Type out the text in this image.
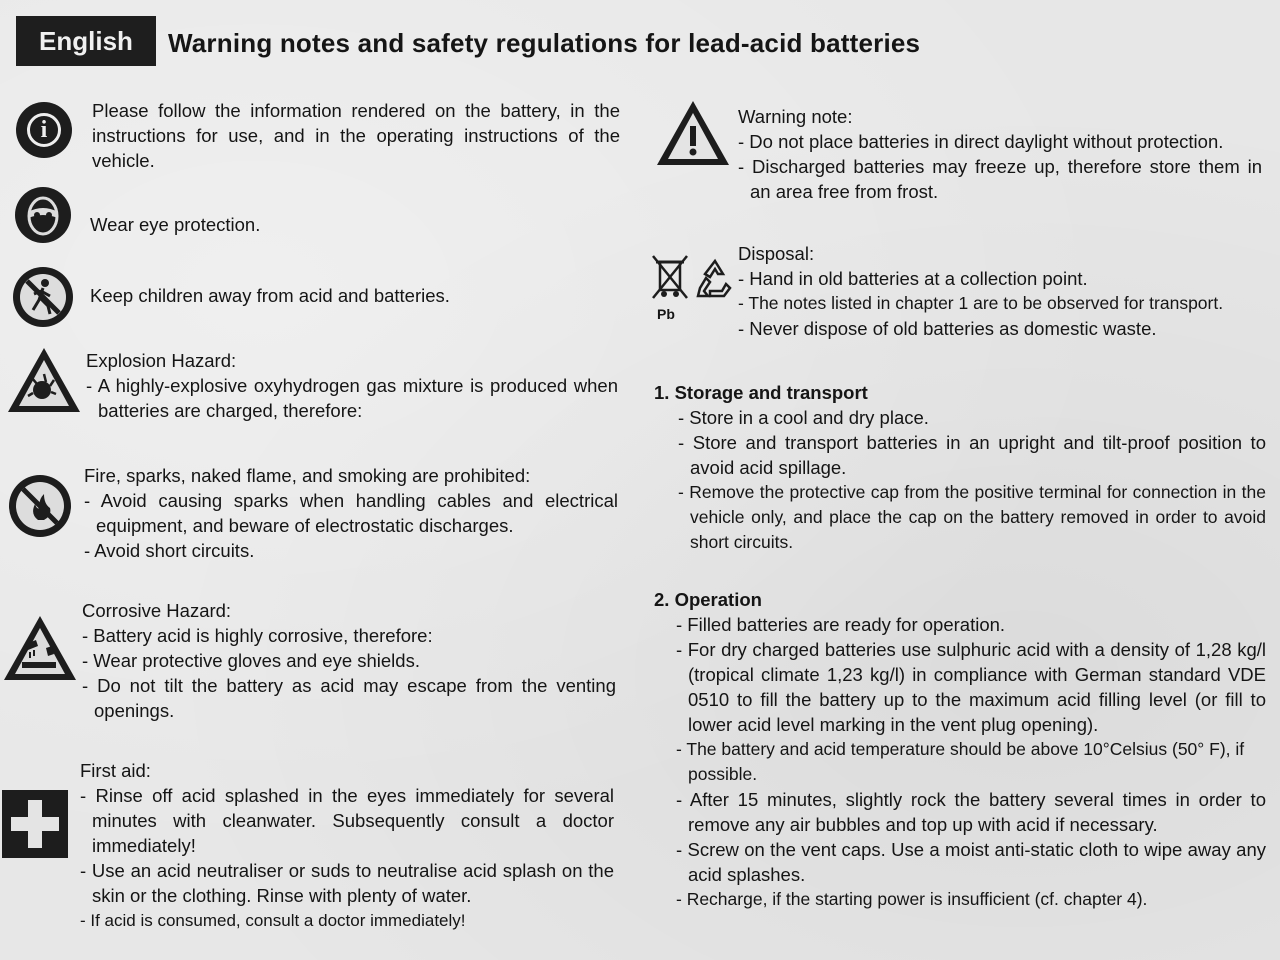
English	Warning notes and safety regulations for lead-acid batteries
i

Please follow the information rendered on the battery, in the instructions for use, and in the operating instructions of the vehicle.

Wear eye protection.

Keep children away from acid and batteries.

Explosion Hazard:

- A highly-explosive oxyhydrogen gas mixture is produced when batteries are charged, therefore:

Fire, sparks, naked flame, and smoking are prohibited:

- Avoid causing sparks when handling cables and electrical equipment, and beware of electrostatic discharges.

- Avoid short circuits.

Corrosive Hazard:

- Battery acid is highly corrosive, therefore:

- Wear protective gloves and eye shields.

- Do not tilt the battery as acid may escape from the venting openings.

First aid:

- Rinse off acid splashed in the eyes immediately for several minutes with cleanwater. Subsequently consult a doctor immediately!

- Use an acid neutraliser or suds to neutralise acid splash on the skin or the clothing. Rinse with plenty of water.

- If acid is consumed, consult a doctor immediately!

Warning note:

- Do not place batteries in direct daylight without protection.

- Discharged batteries may freeze up, therefore store them in an area free from frost.

Pb

Disposal:

- Hand in old batteries at a collection point.

- The notes listed in chapter 1 are to be observed for transport.

- Never dispose of old batteries as domestic waste.

1. Storage and transport

- Store in a cool and dry place.

- Store and transport batteries in an upright and tilt-proof position to avoid acid spillage.

- Remove the protective cap from the positive terminal for connection in the vehicle only, and place the cap on the battery removed in order to avoid short circuits.

2. Operation

- Filled batteries are ready for operation.

- For dry charged batteries use sulphuric acid with a density of 1,28 kg/l (tropical climate 1,23 kg/l) in compliance with German standard VDE 0510 to fill the battery up to the maximum acid filling level (or fill to lower acid level marking in the vent plug opening).

- The battery and acid temperature should be above 10°Celsius (50° F), if possible.

- After 15 minutes, slightly rock the battery several times in order to remove any air bubbles and top up with acid if necessary.

- Screw on the vent caps. Use a moist anti-static cloth to wipe away any acid splashes.

- Recharge, if the starting power is insufficient (cf. chapter 4).
